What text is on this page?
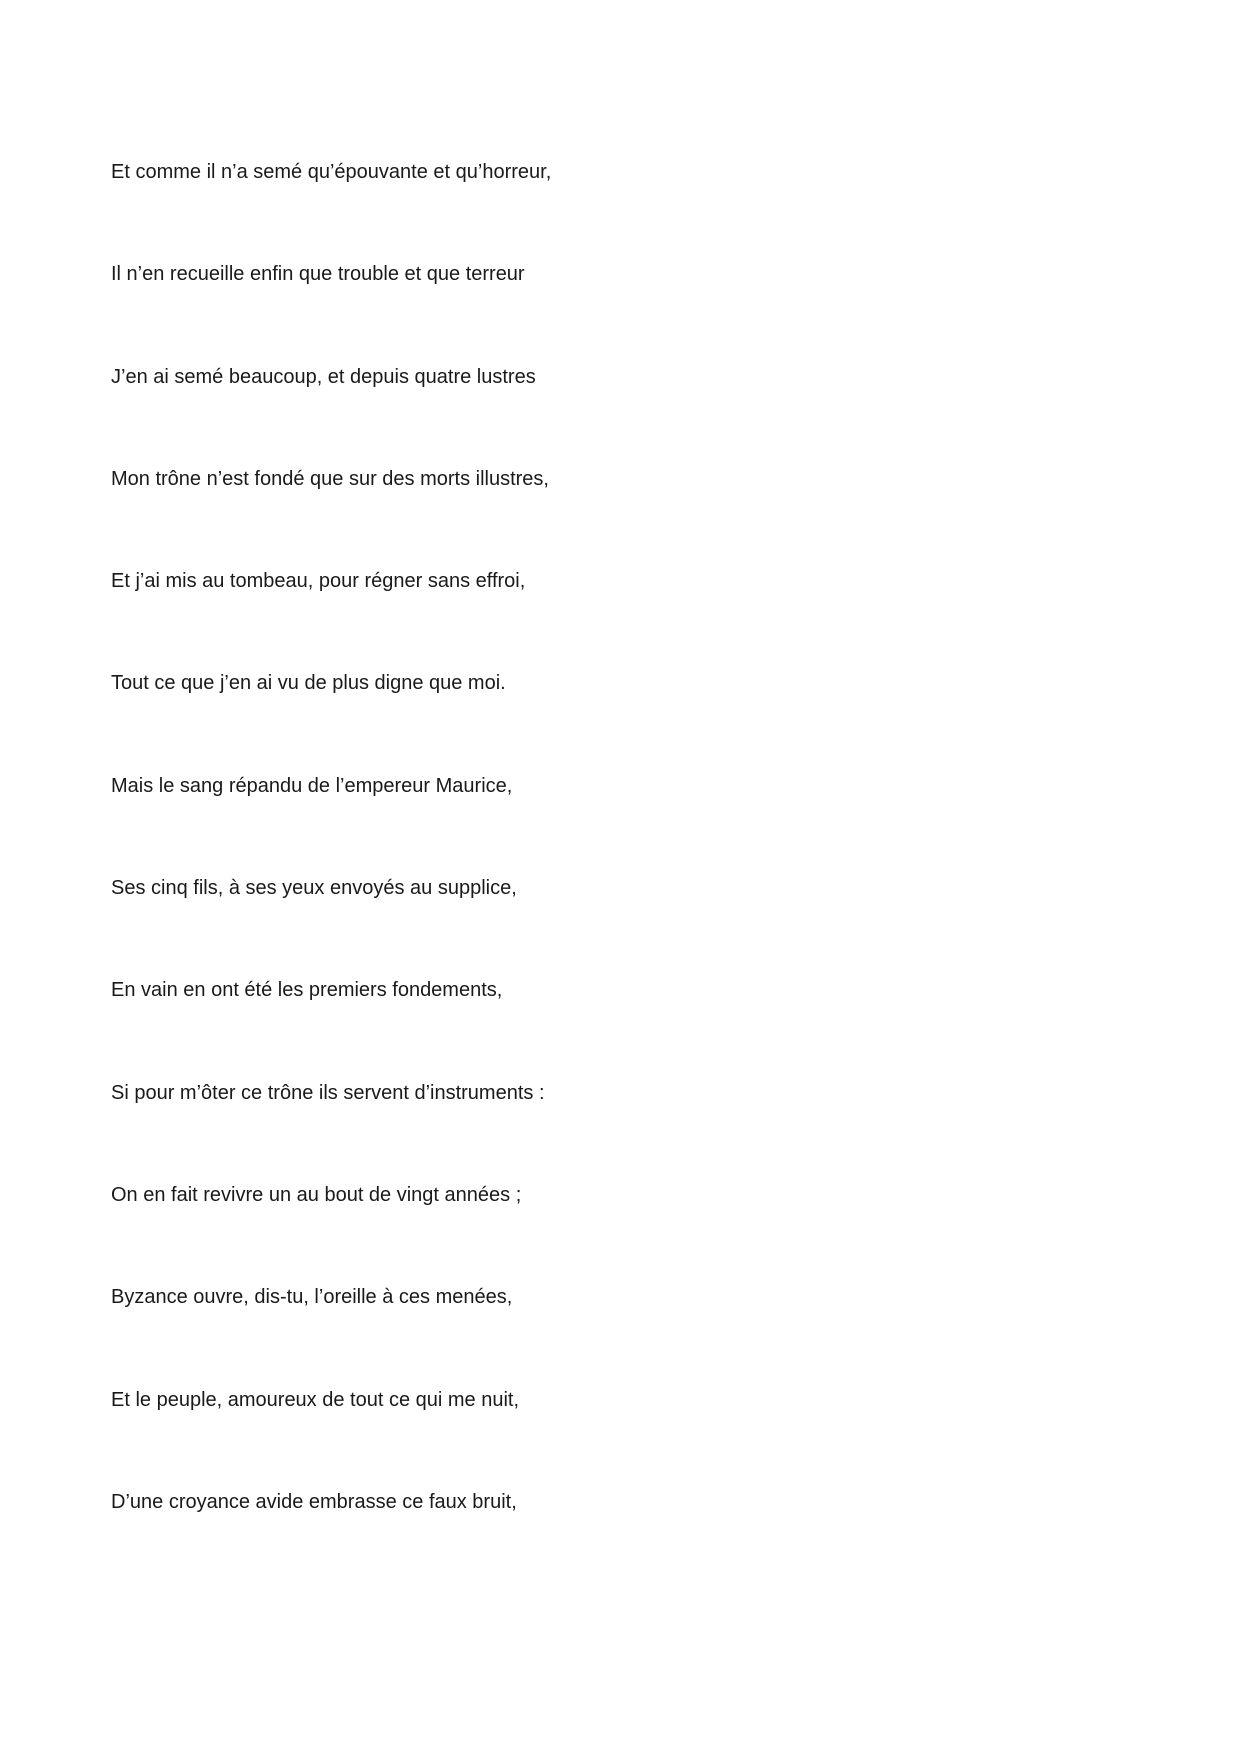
Et comme il n’a semé qu’épouvante et qu’horreur,
Il n’en recueille enfin que trouble et que terreur
J’en ai semé beaucoup, et depuis quatre lustres
Mon trône n’est fondé que sur des morts illustres,
Et j’ai mis au tombeau, pour régner sans effroi,
Tout ce que j’en ai vu de plus digne que moi.
Mais le sang répandu de l’empereur Maurice,
Ses cinq fils, à ses yeux envoyés au supplice,
En vain en ont été les premiers fondements,
Si pour m’ôter ce trône ils servent d’instruments :
On en fait revivre un au bout de vingt années ;
Byzance ouvre, dis-tu, l’oreille à ces menées,
Et le peuple, amoureux de tout ce qui me nuit,
D’une croyance avide embrasse ce faux bruit,
